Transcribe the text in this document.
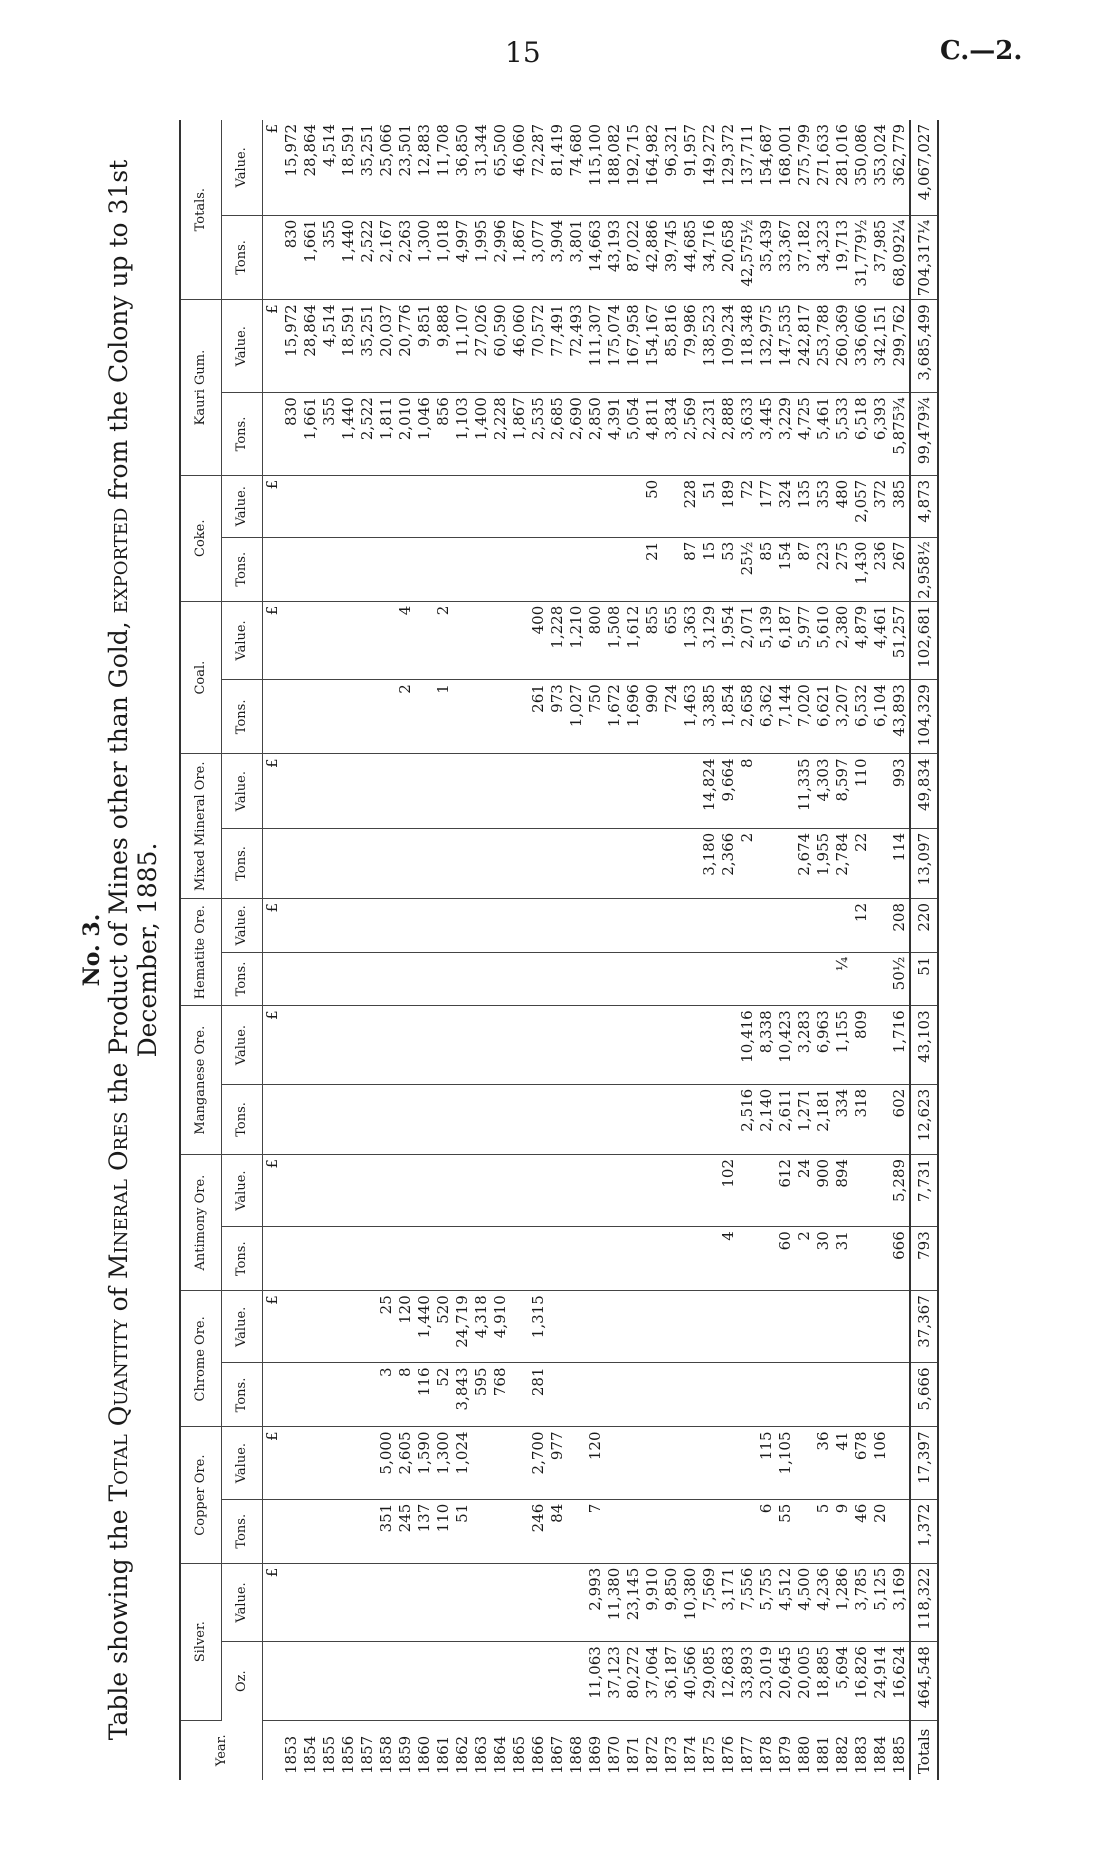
15	C.—2.
No. 3.
Table showing the Total Quantity of Mineral Ores the Product of Mines other than Gold, exported from the Colony up to 31st December, 1885.
Year.	Silver.		Copper Ore.		Chrome Ore.		Antimony Ore.		Manganese Ore.		Hematite Ore.		Mixed Mineral Ore.		Coal.		Coke.		Kauri Gum.		Totals.	
	Oz.	Value.	Tons.	Value.	Tons.	Value.	Tons.	Value.	Tons.	Value.	Tons.	Value.	Tons.	Value.	Tons.	Value.	Tons.	Value.	Tons.	Value.	Tons.	Value.
		£		£		£		£		£		£		£		£		£		£		£
1853																			830	15,972	830	15,972
1854																			1,661	28,864	1,661	28,864
1855																			355	4,514	355	4,514
1856																			1,440	18,591	1,440	18,591
1857																			2,522	35,251	2,522	35,251
1858			351	5,000	3	25													1,811	20,037	2,167	25,066
1859			245	2,605	8	120									2	4			2,010	20,776	2,263	23,501
1860			137	1,590	116	1,440													1,046	9,851	1,300	12,883
1861			110	1,300	52	520									1	2			856	9,888	1,018	11,708
1862			51	1,024	3,843	24,719													1,103	11,107	4,997	36,850
1863					595	4,318													1,400	27,026	1,995	31,344
1864					768	4,910													2,228	60,590	2,996	65,500
1865																			1,867	46,060	1,867	46,060
1866			246	2,700	281	1,315									261	400			2,535	70,572	3,077	72,287
1867			84	977											973	1,228			2,685	77,491	3,904	81,419
1868															1,027	1,210			2,690	72,493	3,801	74,680
1869	11,063	2,993	7	120											750	800			2,850	111,307	14,663	115,100
1870	37,123	11,380													1,672	1,508			4,391	175,074	43,193	188,082
1871	80,272	23,145													1,696	1,612			5,054	167,958	87,022	192,715
1872	37,064	9,910													990	855	21	50	4,811	154,167	42,886	164,982
1873	36,187	9,850													724	655			3,834	85,816	39,745	96,321
1874	40,566	10,380													1,463	1,363	87	228	2,569	79,986	44,685	91,957
1875	29,085	7,569											3,180	14,824	3,385	3,129	15	51	2,231	138,523	34,716	149,272
1876	12,683	3,171					4	102					2,366	9,664	1,854	1,954	53	189	2,888	109,234	20,658	129,372
1877	33,893	7,556							2,516	10,416			2	8	2,658	2,071	25½	72	3,633	118,348	42,575½	137,711
1878	23,019	5,755	6	115					2,140	8,338					6,362	5,139	85	177	3,445	132,975	35,439	154,687
1879	20,645	4,512	55	1,105			60	612	2,611	10,423					7,144	6,187	154	324	3,229	147,535	33,367	168,001
1880	20,005	4,500					2	24	1,271	3,283			2,674	11,335	7,020	5,977	87	135	4,725	242,817	37,182	275,799
1881	18,885	4,236	5	36			30	900	2,181	6,963			1,955	4,303	6,621	5,610	223	353	5,461	253,788	34,323	271,633
1882	5,694	1,286	9	41			31	894	334	1,155	¼		2,784	8,597	3,207	2,380	275	480	5,533	260,369	19,713	281,016
1883	16,826	3,785	46	678					318	809		12	22	110	6,532	4,879	1,430	2,057	6,518	336,606	31,779½	350,086
1884	24,914	5,125	20	106											6,104	4,461	236	372	6,393	342,151	37,985	353,024
1885	16,624	3,169					666	5,289	602	1,716	50½	208	114	993	43,893	51,257	267	385	5,875¾	299,762	68,092¼	362,779
Totals	464,548	118,322	1,372	17,397	5,666	37,367	793	7,731	12,623	43,103	51	220	13,097	49,834	104,329	102,681	2,958½	4,873	99,479¾	3,685,499	704,317¼	4,067,027
